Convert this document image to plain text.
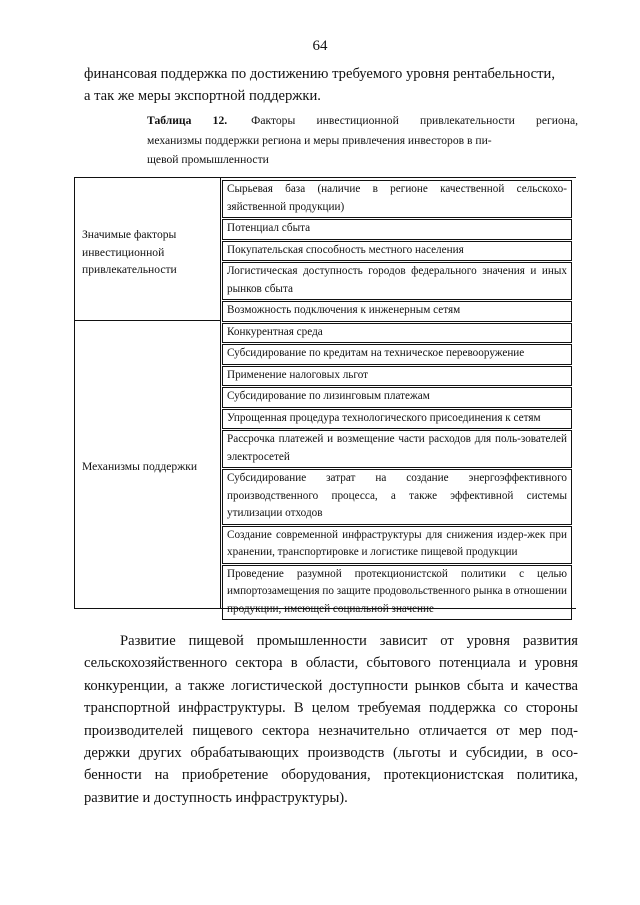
64

финансовая поддержка по достижению требуемого уровня рентабельности,

а так же меры экспортной поддержки.

Таблица 12. Факторы инвестиционной привлекательности региона,

механизмы поддержки региона и меры привлечения инвесторов в пи-

щевой промышленности

Значимые факторы
инвестиционной
привлекательности
Механизмы поддержки
Сырьевая база (наличие в регионе качественной сельскохо-зяйственной продукции)
Потенциал сбыта
Покупательская способность местного населения
Логистическая доступность городов федерального значения и иных рынков сбыта
Возможность подключения к инженерным сетям
Конкурентная среда
Субсидирование по кредитам на техническое перевооружение
Применение налоговых льгот
Субсидирование по лизинговым платежам
Упрощенная процедура технологического присоединения к сетям
Рассрочка платежей и возмещение части расходов для поль-зователей электросетей
Субсидирование затрат на создание энергоэффективного производственного процесса, а также эффективной системы утилизации отходов
Создание современной инфраструктуры для снижения издер-жек при хранении, транспортировке и логистике пищевой продукции
Проведение разумной протекционистской политики с целью импортозамещения по защите продовольственного рынка в отношении продукции, имеющей социальной значение

Развитие пищевой промышленности зависит от уровня развития сельскохозяйственного сектора в области, сбытового потенциала и уровня конкуренции, а также логистической доступности рынков сбыта и качества транспортной инфраструктуры. В целом требуемая поддержка со стороны производителей пищевого сектора незначительно отличается от мер под-держки других обрабатывающих производств (льготы и субсидии, в осо-бенности на приобретение оборудования, протекционистская политика, развитие и доступность инфраструктуры).
